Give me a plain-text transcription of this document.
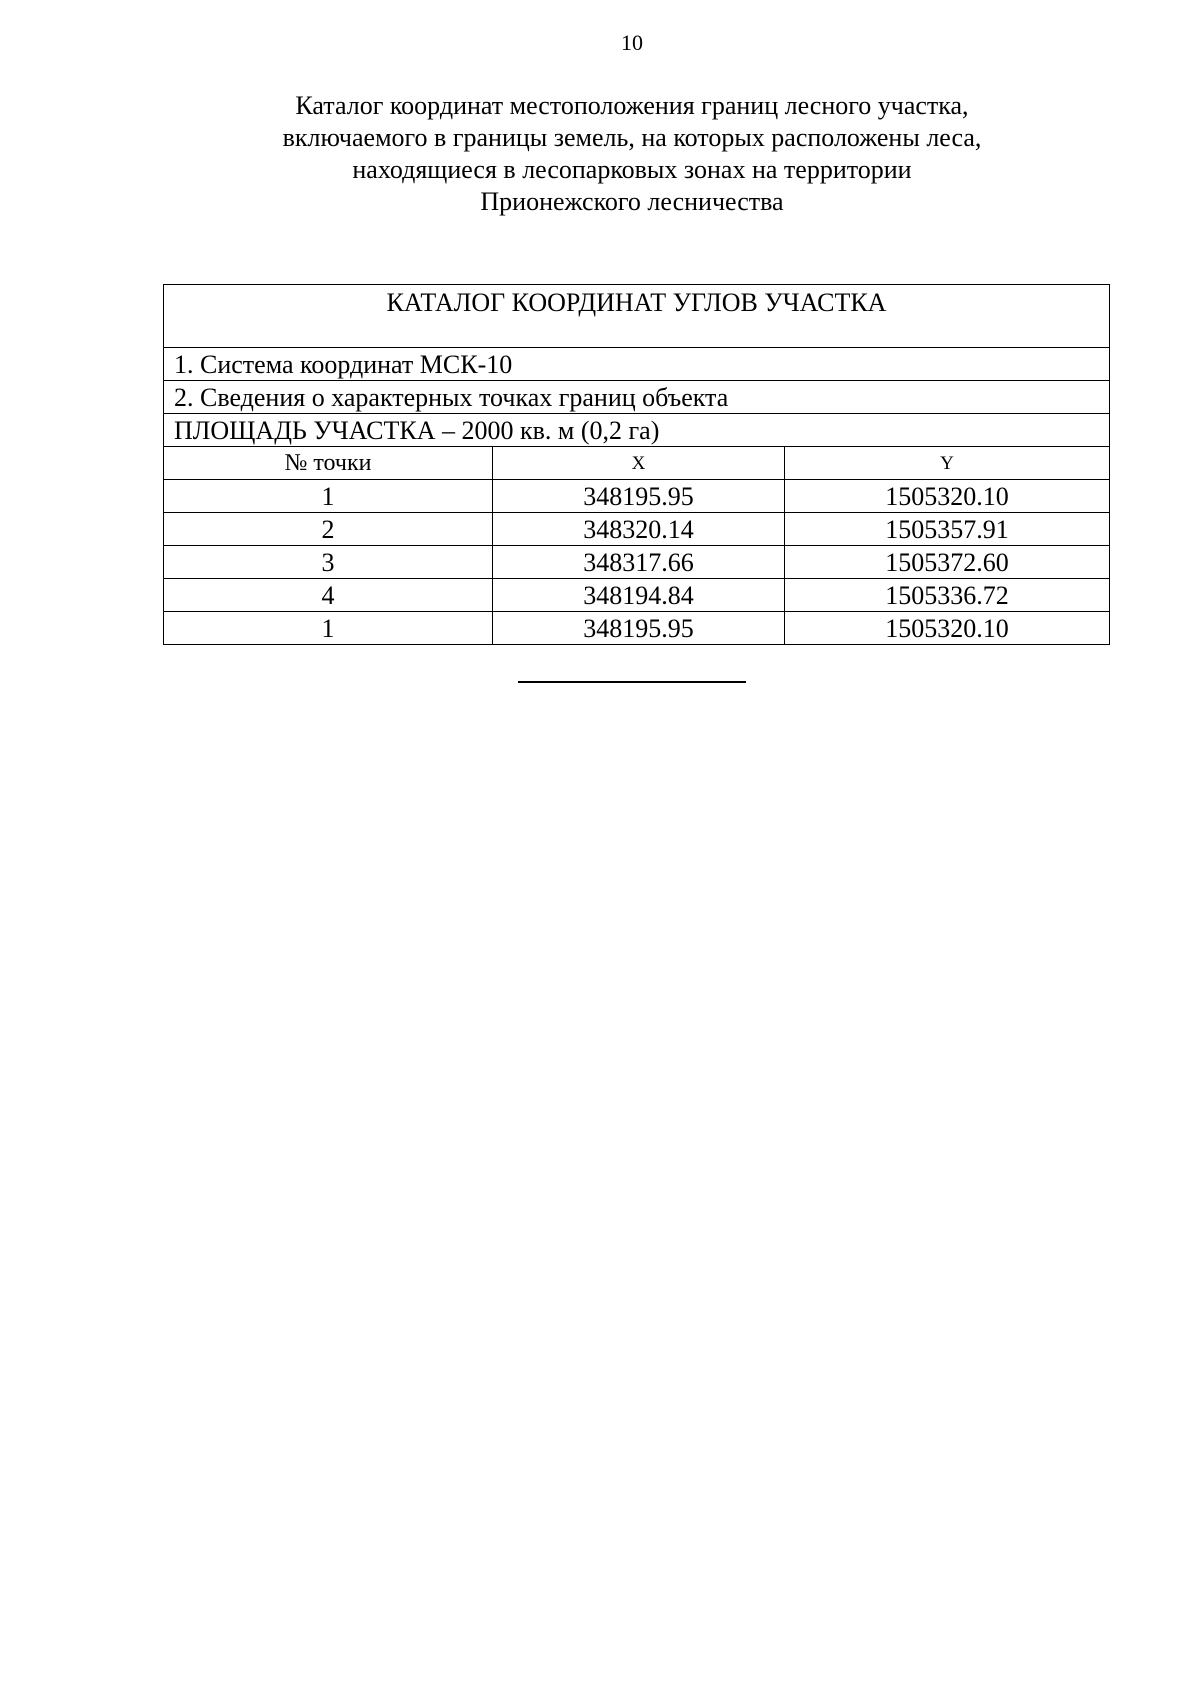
10
Каталог координат местоположения границ лесного участка,
включаемого в границы земель, на которых расположены леса,
находящиеся в лесопарковых зонах на территории
Прионежского лесничества
КАТАЛОГ КООРДИНАТ УГЛОВ УЧАСТКА		
1. Система координат МСК-10		
2. Сведения о характерных точках границ объекта		
ПЛОЩАДЬ УЧАСТКА – 2000 кв. м (0,2 га)		
№ точки	X	Y
1	348195.95	1505320.10
2	348320.14	1505357.91
3	348317.66	1505372.60
4	348194.84	1505336.72
1	348195.95	1505320.10
